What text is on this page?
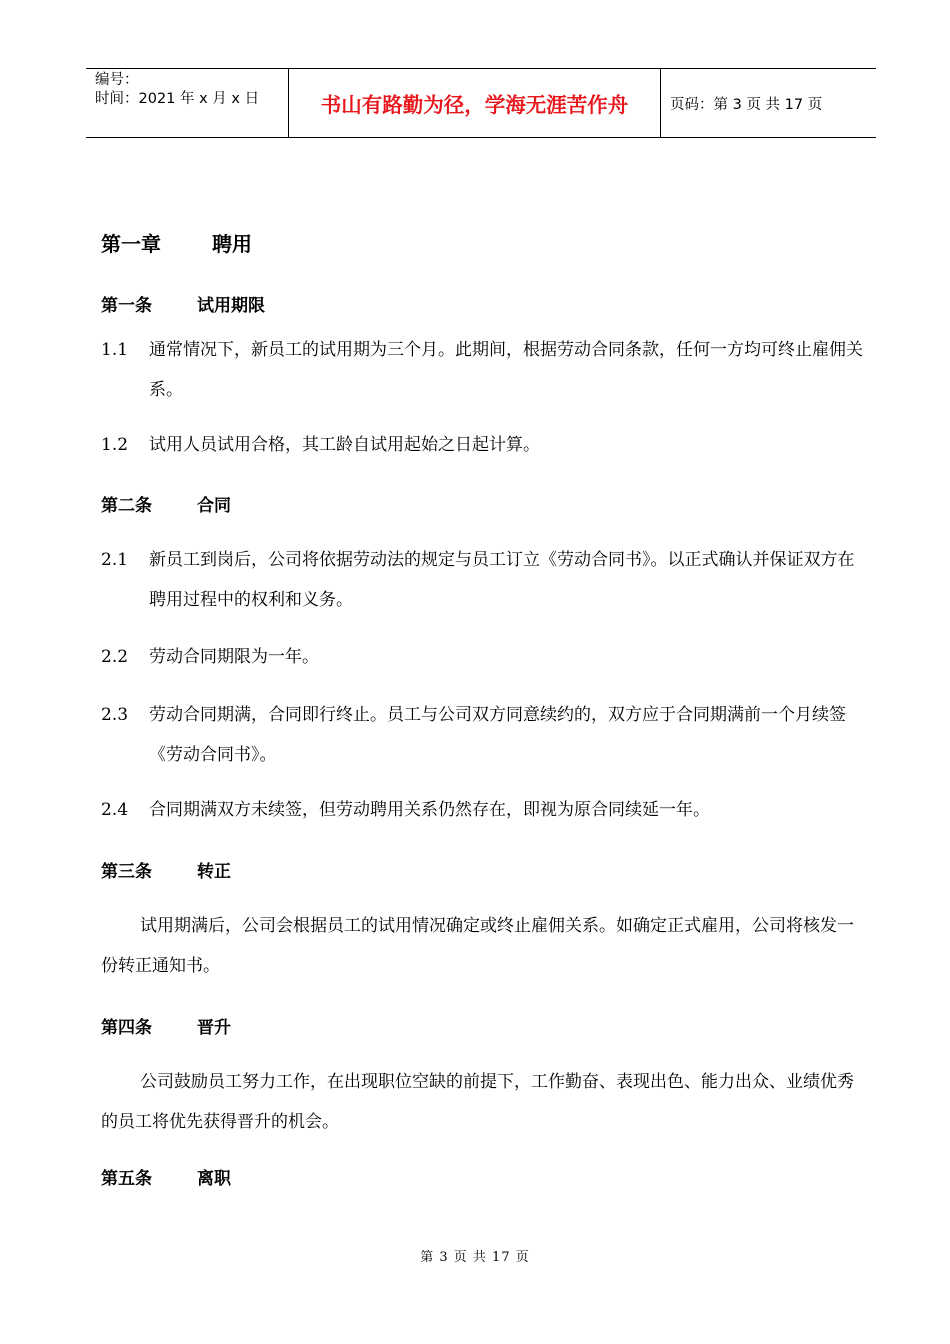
编号：
时间：2021 年 x 月 x 日	书山有路勤为径，学海无涯苦作舟	页码：第 3 页 共 17 页
第一章	聘用
第一条	试用期限
1.1 通常情况下，新员工的试用期为三个月。此期间，根据劳动合同条款，任何一方均可终止雇佣关系。
1.2 试用人员试用合格，其工龄自试用起始之日起计算。
第二条	合同
2.1 新员工到岗后，公司将依据劳动法的规定与员工订立《劳动合同书》。以正式确认并保证双方在聘用过程中的权利和义务。
2.2 劳动合同期限为一年。
2.3 劳动合同期满，合同即行终止。员工与公司双方同意续约的，双方应于合同期满前一个月续签《劳动合同书》。
2.4 合同期满双方未续签，但劳动聘用关系仍然存在，即视为原合同续延一年。
第三条	转正
试用期满后，公司会根据员工的试用情况确定或终止雇佣关系。如确定正式雇用，公司将核发一份转正通知书。
第四条	晋升
公司鼓励员工努力工作，在出现职位空缺的前提下，工作勤奋、表现出色、能力出众、业绩优秀的员工将优先获得晋升的机会。
第五条	离职
第 3 页 共 17 页
